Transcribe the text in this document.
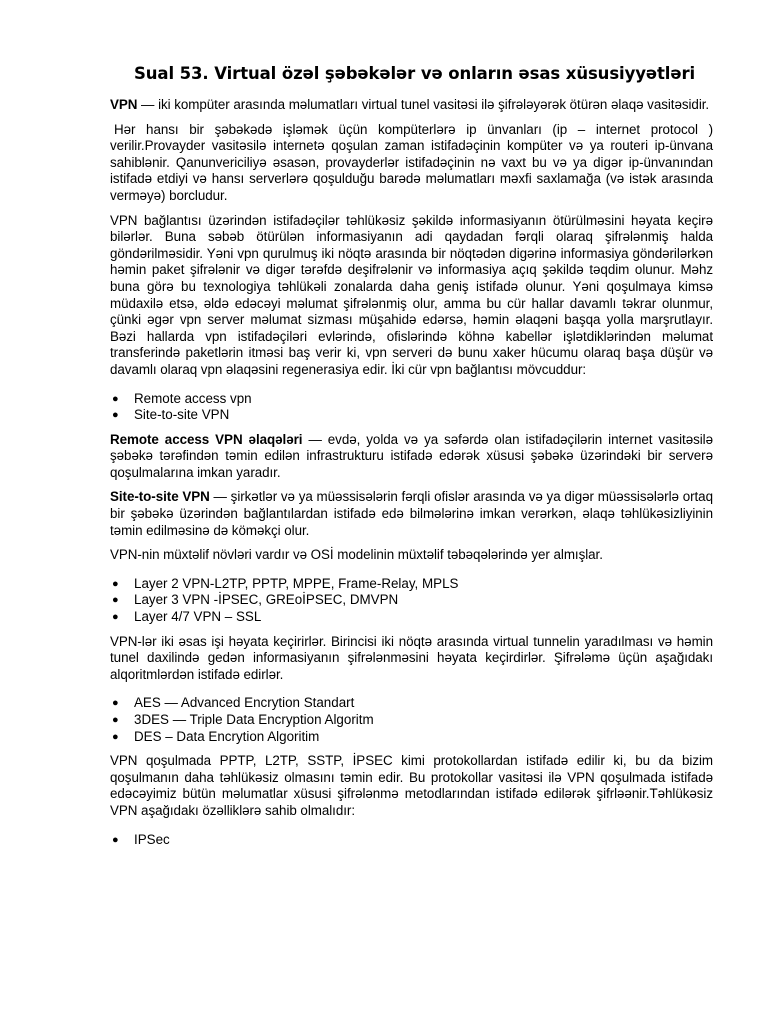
Sual 53. Virtual özəl şəbəkələr və onların əsas xüsusiyyətləri

VPN — iki kompüter arasında məlumatları virtual tunel vasitəsi ilə şifrələyərək ötürən əlaqə vasitəsidir.

Hər hansı bir şəbəkədə işləmək üçün kompüterlərə ip ünvanları (ip – internet protocol ) verilir.Provayder vasitəsilə internetə qoşulan zaman istifadəçinin kompüter və ya routeri ip-ünvana sahiblənir. Qanunvericiliyə əsasən, provayderlər istifadəçinin nə vaxt bu və ya digər ip-ünvanından istifadə etdiyi və hansı serverlərə qoşulduğu barədə məlumatları məxfi saxlamağa (və istək arasında verməyə) borcludur.

VPN bağlantısı üzərindən istifadəçilər təhlükəsiz şəkildə informasiyanın ötürülməsini həyata keçirə bilərlər. Buna səbəb ötürülən informasiyanın adi qaydadan fərqli olaraq şifrələnmiş halda göndərilməsidir. Yəni vpn qurulmuş iki nöqtə arasında bir nöqtədən digərinə informasiya göndərilərkən həmin paket şifrələnir və digər tərəfdə deşifrələnir və informasiya açıq şəkildə təqdim olunur. Məhz buna görə bu texnologiya təhlükəli zonalarda daha geniş istifadə olunur. Yəni qoşulmaya kimsə müdaxilə etsə, əldə edəcəyi məlumat şifrələnmiş olur, amma bu cür hallar davamlı təkrar olunmur, çünki əgər vpn server məlumat sizması müşahidə edərsə, həmin əlaqəni başqa yolla marşrutlayır. Bəzi hallarda vpn istifadəçiləri evlərində, ofislərində köhnə kabellər işlətdiklərindən məlumat transferində paketlərin itməsi baş verir ki, vpn serveri də bunu xaker hücumu olaraq başa düşür və davamlı olaraq vpn əlaqəsini regenerasiya edir. İki cür vpn bağlantısı mövcuddur:

● Remote access vpn
● Site-to-site VPN

Remote access VPN əlaqələri — evdə, yolda və ya səfərdə olan istifadəçilərin internet vasitəsilə şəbəkə tərəfindən təmin edilən infrastrukturu istifadə edərək xüsusi şəbəkə üzərindəki bir serverə qoşulmalarına imkan yaradır.

Site-to-site VPN — şirkətlər və ya müəssisələrin fərqli ofislər arasında və ya digər müəssisələrlə ortaq bir şəbəkə üzərindən bağlantılardan istifadə edə bilmələrinə imkan verərkən, əlaqə təhlükəsizliyinin təmin edilməsinə də köməkçi olur.

VPN-nin müxtəlif növləri vardır və OSİ modelinin müxtəlif təbəqələrində yer almışlar.

● Layer 2 VPN-L2TP, PPTP, MPPE, Frame-Relay, MPLS
● Layer 3 VPN -İPSEC, GREoİPSEC, DMVPN
● Layer 4/7 VPN – SSL

VPN-lər iki əsas işi həyata keçirirlər. Birincisi iki nöqtə arasında virtual tunnelin yaradılması və həmin tunel daxilində gedən informasiyanın şifrələnməsini həyata keçirdirlər. Şifrələmə üçün aşağıdakı alqoritmlərdən istifadə edirlər.

● AES — Advanced Encrytion Standart
● 3DES — Triple Data Encryption Algoritm
● DES – Data Encrytion Algoritim

VPN qoşulmada PPTP, L2TP, SSTP, İPSEC kimi protokollardan istifadə edilir ki, bu da bizim qoşulmanın daha təhlükəsiz olmasını təmin edir. Bu protokollar vasitəsi ilə VPN qoşulmada istifadə edəcəyimiz bütün məlumatlar xüsusi şifrələnmə metodlarından istifadə edilərək şifrləənir.Təhlükəsiz VPN aşağıdakı özəlliklərə sahib olmalıdır:

● IPSec
